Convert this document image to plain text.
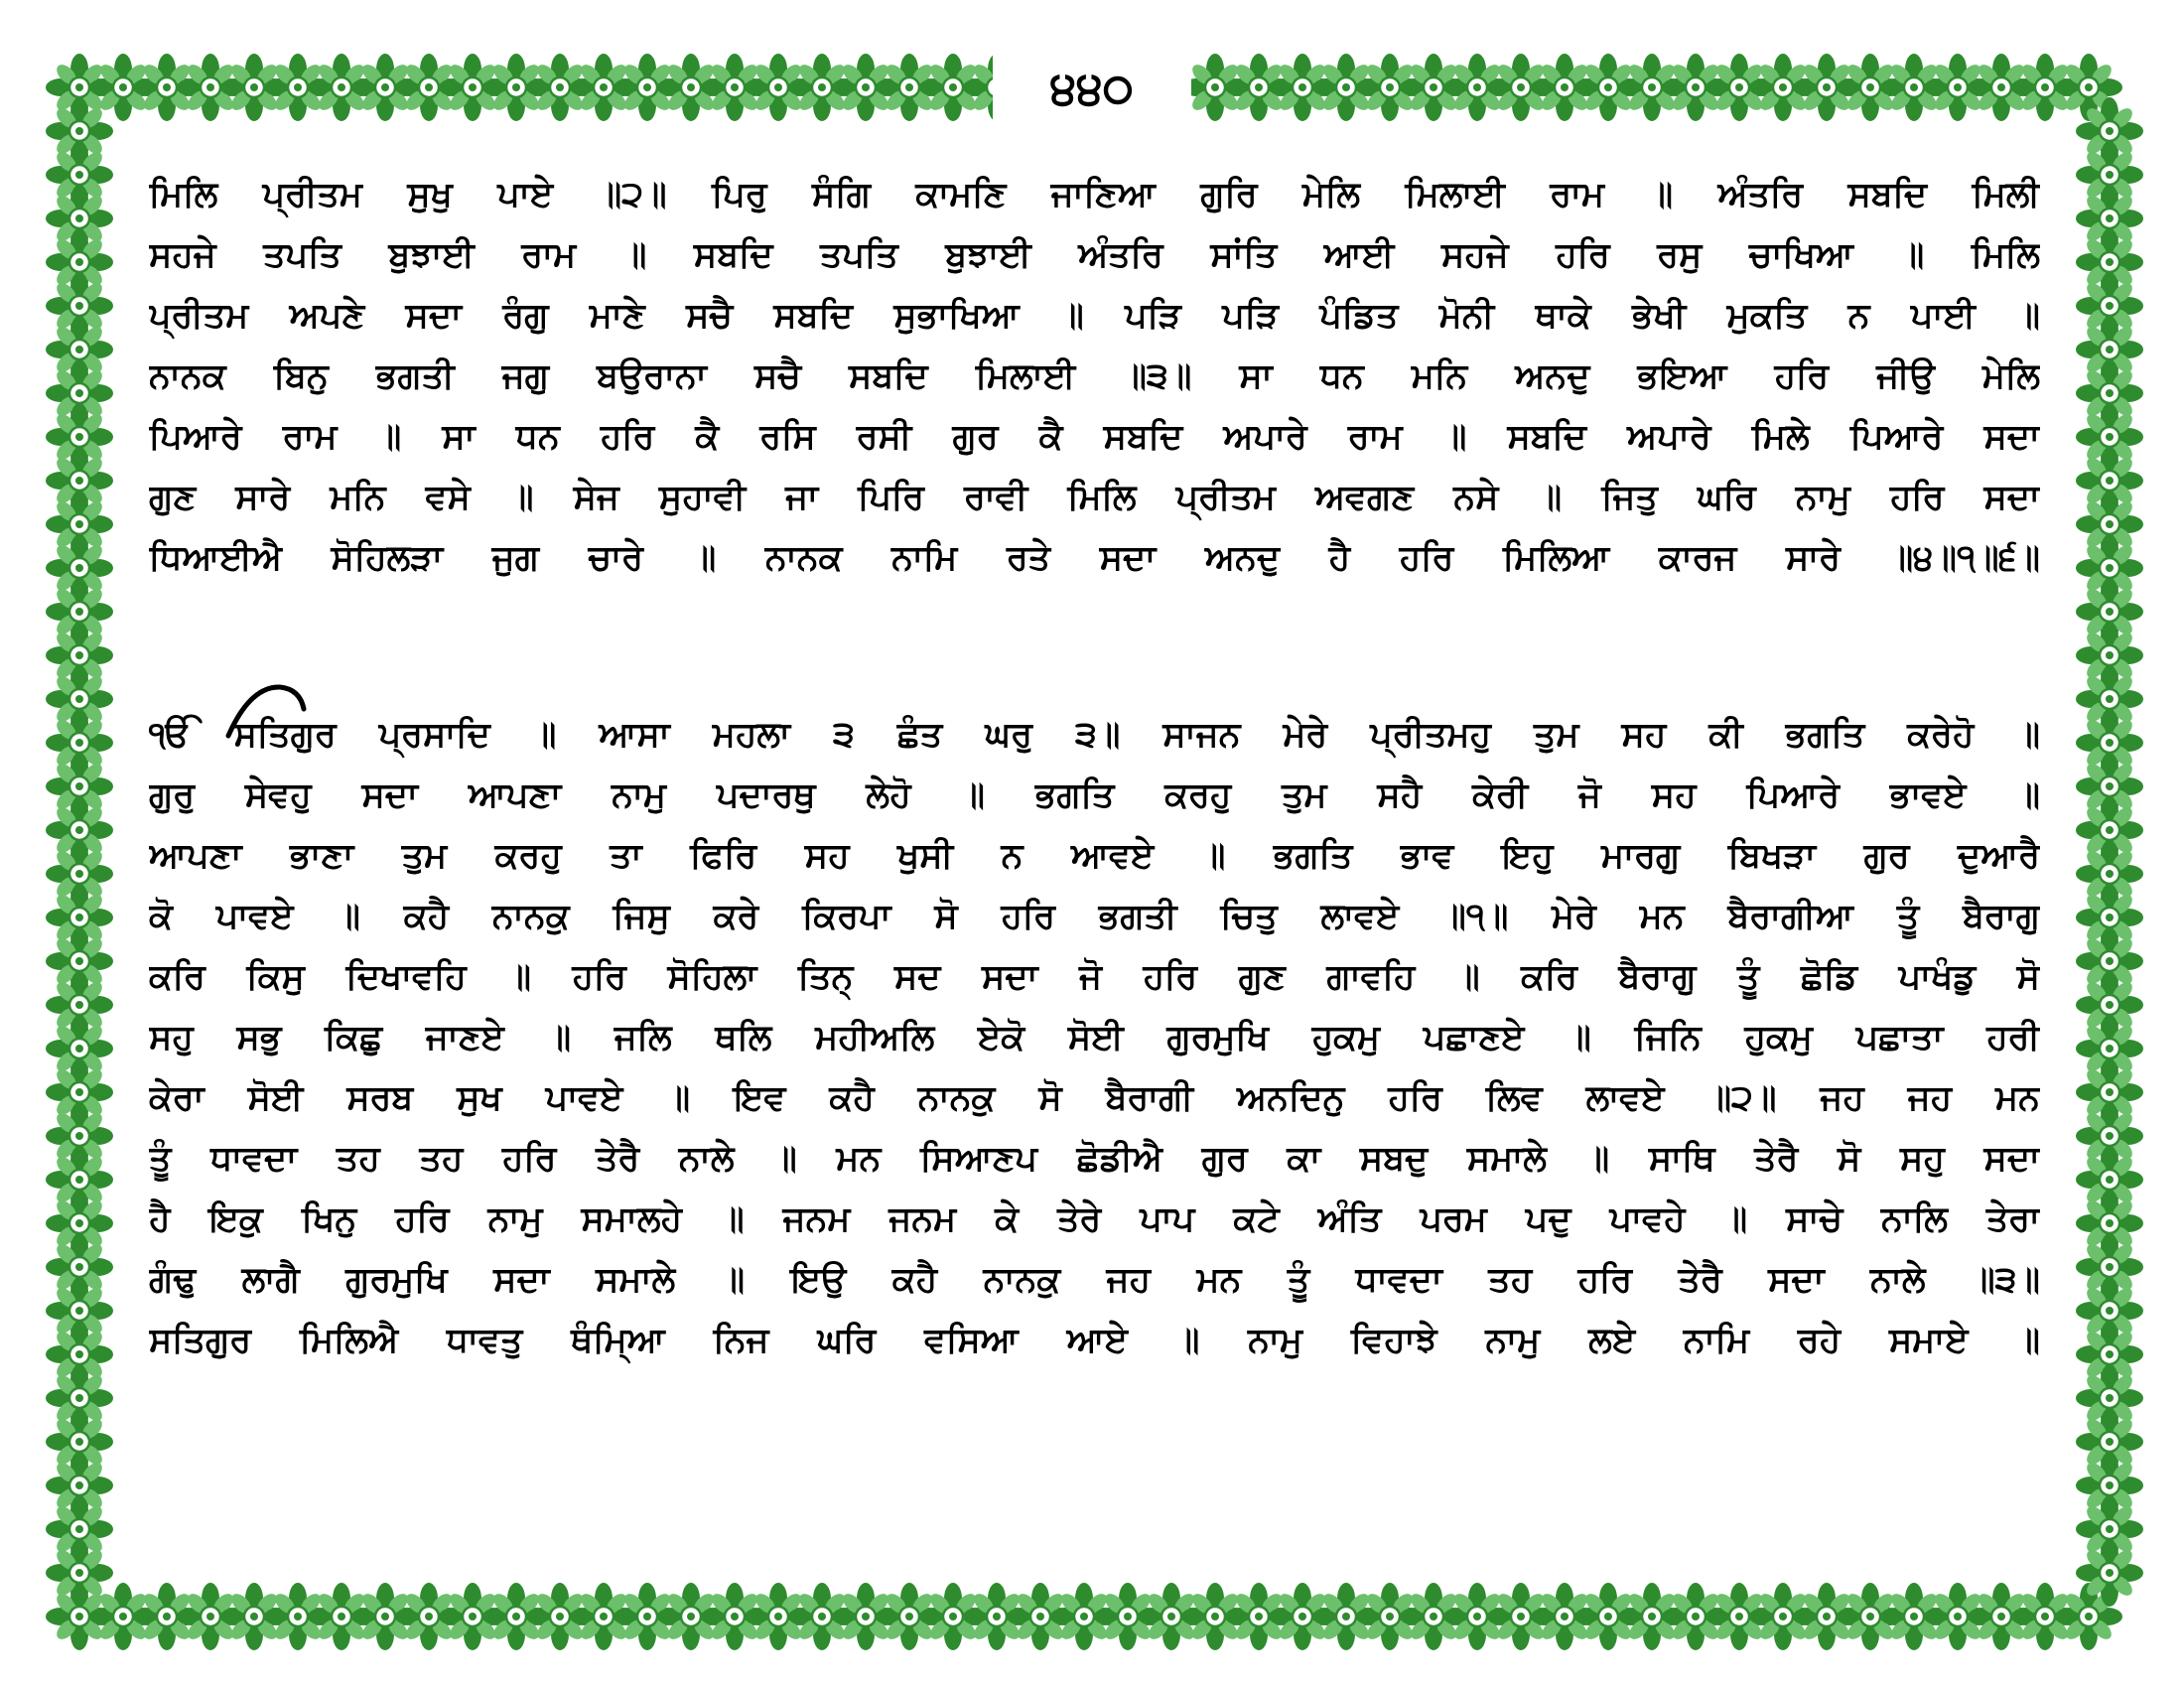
੪੪੦
ਮਿਲਿ ਪ੍ਰੀਤਮ ਸੁਖੁ ਪਾਏ ॥੨॥ ਪਿਰੁ ਸੰਗਿ ਕਾਮਣਿ ਜਾਣਿਆ ਗੁਰਿ ਮੇਲਿ ਮਿਲਾਈ ਰਾਮ ॥ ਅੰਤਰਿ ਸਬਦਿ ਮਿਲੀ
ਸਹਜੇ ਤਪਤਿ ਬੁਝਾਈ ਰਾਮ ॥ ਸਬਦਿ ਤਪਤਿ ਬੁਝਾਈ ਅੰਤਰਿ ਸਾਂਤਿ ਆਈ ਸਹਜੇ ਹਰਿ ਰਸੁ ਚਾਖਿਆ ॥ ਮਿਲਿ
ਪ੍ਰੀਤਮ ਅਪਣੇ ਸਦਾ ਰੰਗੁ ਮਾਣੇ ਸਚੈ ਸਬਦਿ ਸੁਭਾਖਿਆ ॥ ਪੜਿ ਪੜਿ ਪੰਡਿਤ ਮੋਨੀ ਥਾਕੇ ਭੇਖੀ ਮੁਕਤਿ ਨ ਪਾਈ ॥
ਨਾਨਕ ਬਿਨੁ ਭਗਤੀ ਜਗੁ ਬਉਰਾਨਾ ਸਚੈ ਸਬਦਿ ਮਿਲਾਈ ॥੩॥ ਸਾ ਧਨ ਮਨਿ ਅਨਦੁ ਭਇਆ ਹਰਿ ਜੀਉ ਮੇਲਿ
ਪਿਆਰੇ ਰਾਮ ॥ ਸਾ ਧਨ ਹਰਿ ਕੈ ਰਸਿ ਰਸੀ ਗੁਰ ਕੈ ਸਬਦਿ ਅਪਾਰੇ ਰਾਮ ॥ ਸਬਦਿ ਅਪਾਰੇ ਮਿਲੇ ਪਿਆਰੇ ਸਦਾ
ਗੁਣ ਸਾਰੇ ਮਨਿ ਵਸੇ ॥ ਸੇਜ ਸੁਹਾਵੀ ਜਾ ਪਿਰਿ ਰਾਵੀ ਮਿਲਿ ਪ੍ਰੀਤਮ ਅਵਗਣ ਨਸੇ ॥ ਜਿਤੁ ਘਰਿ ਨਾਮੁ ਹਰਿ ਸਦਾ
ਧਿਆਈਐ ਸੋਹਿਲੜਾ ਜੁਗ ਚਾਰੇ ॥ ਨਾਨਕ ਨਾਮਿ ਰਤੇ ਸਦਾ ਅਨਦੁ ਹੈ ਹਰਿ ਮਿਲਿਆ ਕਾਰਜ ਸਾਰੇ ॥੪॥੧॥੬॥
ੴ ਸਤਿਗੁਰ ਪ੍ਰਸਾਦਿ ॥ ਆਸਾ ਮਹਲਾ ੩ ਛੰਤ ਘਰੁ ੩॥ ਸਾਜਨ ਮੇਰੇ ਪ੍ਰੀਤਮਹੁ ਤੁਮ ਸਹ ਕੀ ਭਗਤਿ ਕਰੇਹੋ ॥
ਗੁਰੁ ਸੇਵਹੁ ਸਦਾ ਆਪਣਾ ਨਾਮੁ ਪਦਾਰਥੁ ਲੇਹੋ ॥ ਭਗਤਿ ਕਰਹੁ ਤੁਮ ਸਹੈ ਕੇਰੀ ਜੋ ਸਹ ਪਿਆਰੇ ਭਾਵਏ ॥
ਆਪਣਾ ਭਾਣਾ ਤੁਮ ਕਰਹੁ ਤਾ ਫਿਰਿ ਸਹ ਖੁਸੀ ਨ ਆਵਏ ॥ ਭਗਤਿ ਭਾਵ ਇਹੁ ਮਾਰਗੁ ਬਿਖੜਾ ਗੁਰ ਦੁਆਰੈ
ਕੋ ਪਾਵਏ ॥ ਕਹੈ ਨਾਨਕੁ ਜਿਸੁ ਕਰੇ ਕਿਰਪਾ ਸੋ ਹਰਿ ਭਗਤੀ ਚਿਤੁ ਲਾਵਏ ॥੧॥ ਮੇਰੇ ਮਨ ਬੈਰਾਗੀਆ ਤੂੰ ਬੈਰਾਗੁ
ਕਰਿ ਕਿਸੁ ਦਿਖਾਵਹਿ ॥ ਹਰਿ ਸੋਹਿਲਾ ਤਿਨ੍ ਸਦ ਸਦਾ ਜੋ ਹਰਿ ਗੁਣ ਗਾਵਹਿ ॥ ਕਰਿ ਬੈਰਾਗੁ ਤੂੰ ਛੋਡਿ ਪਾਖੰਡੁ ਸੋ
ਸਹੁ ਸਭੁ ਕਿਛੁ ਜਾਣਏ ॥ ਜਲਿ ਥਲਿ ਮਹੀਅਲਿ ਏਕੋ ਸੋਈ ਗੁਰਮੁਖਿ ਹੁਕਮੁ ਪਛਾਣਏ ॥ ਜਿਨਿ ਹੁਕਮੁ ਪਛਾਤਾ ਹਰੀ
ਕੇਰਾ ਸੋਈ ਸਰਬ ਸੁਖ ਪਾਵਏ ॥ ਇਵ ਕਹੈ ਨਾਨਕੁ ਸੋ ਬੈਰਾਗੀ ਅਨਦਿਨੁ ਹਰਿ ਲਿਵ ਲਾਵਏ ॥੨॥ ਜਹ ਜਹ ਮਨ
ਤੂੰ ਧਾਵਦਾ ਤਹ ਤਹ ਹਰਿ ਤੇਰੈ ਨਾਲੇ ॥ ਮਨ ਸਿਆਣਪ ਛੋਡੀਐ ਗੁਰ ਕਾ ਸਬਦੁ ਸਮਾਲੇ ॥ ਸਾਥਿ ਤੇਰੈ ਸੋ ਸਹੁ ਸਦਾ
ਹੈ ਇਕੁ ਖਿਨੁ ਹਰਿ ਨਾਮੁ ਸਮਾਲਹੇ ॥ ਜਨਮ ਜਨਮ ਕੇ ਤੇਰੇ ਪਾਪ ਕਟੇ ਅੰਤਿ ਪਰਮ ਪਦੁ ਪਾਵਹੇ ॥ ਸਾਚੇ ਨਾਲਿ ਤੇਰਾ
ਗੰਢੁ ਲਾਗੈ ਗੁਰਮੁਖਿ ਸਦਾ ਸਮਾਲੇ ॥ ਇਉ ਕਹੈ ਨਾਨਕੁ ਜਹ ਮਨ ਤੂੰ ਧਾਵਦਾ ਤਹ ਹਰਿ ਤੇਰੈ ਸਦਾ ਨਾਲੇ ॥੩॥
ਸਤਿਗੁਰ ਮਿਲਿਐ ਧਾਵਤੁ ਥੰਮਿ੍ਆ ਨਿਜ ਘਰਿ ਵਸਿਆ ਆਏ ॥ ਨਾਮੁ ਵਿਹਾਝੇ ਨਾਮੁ ਲਏ ਨਾਮਿ ਰਹੇ ਸਮਾਏ ॥
